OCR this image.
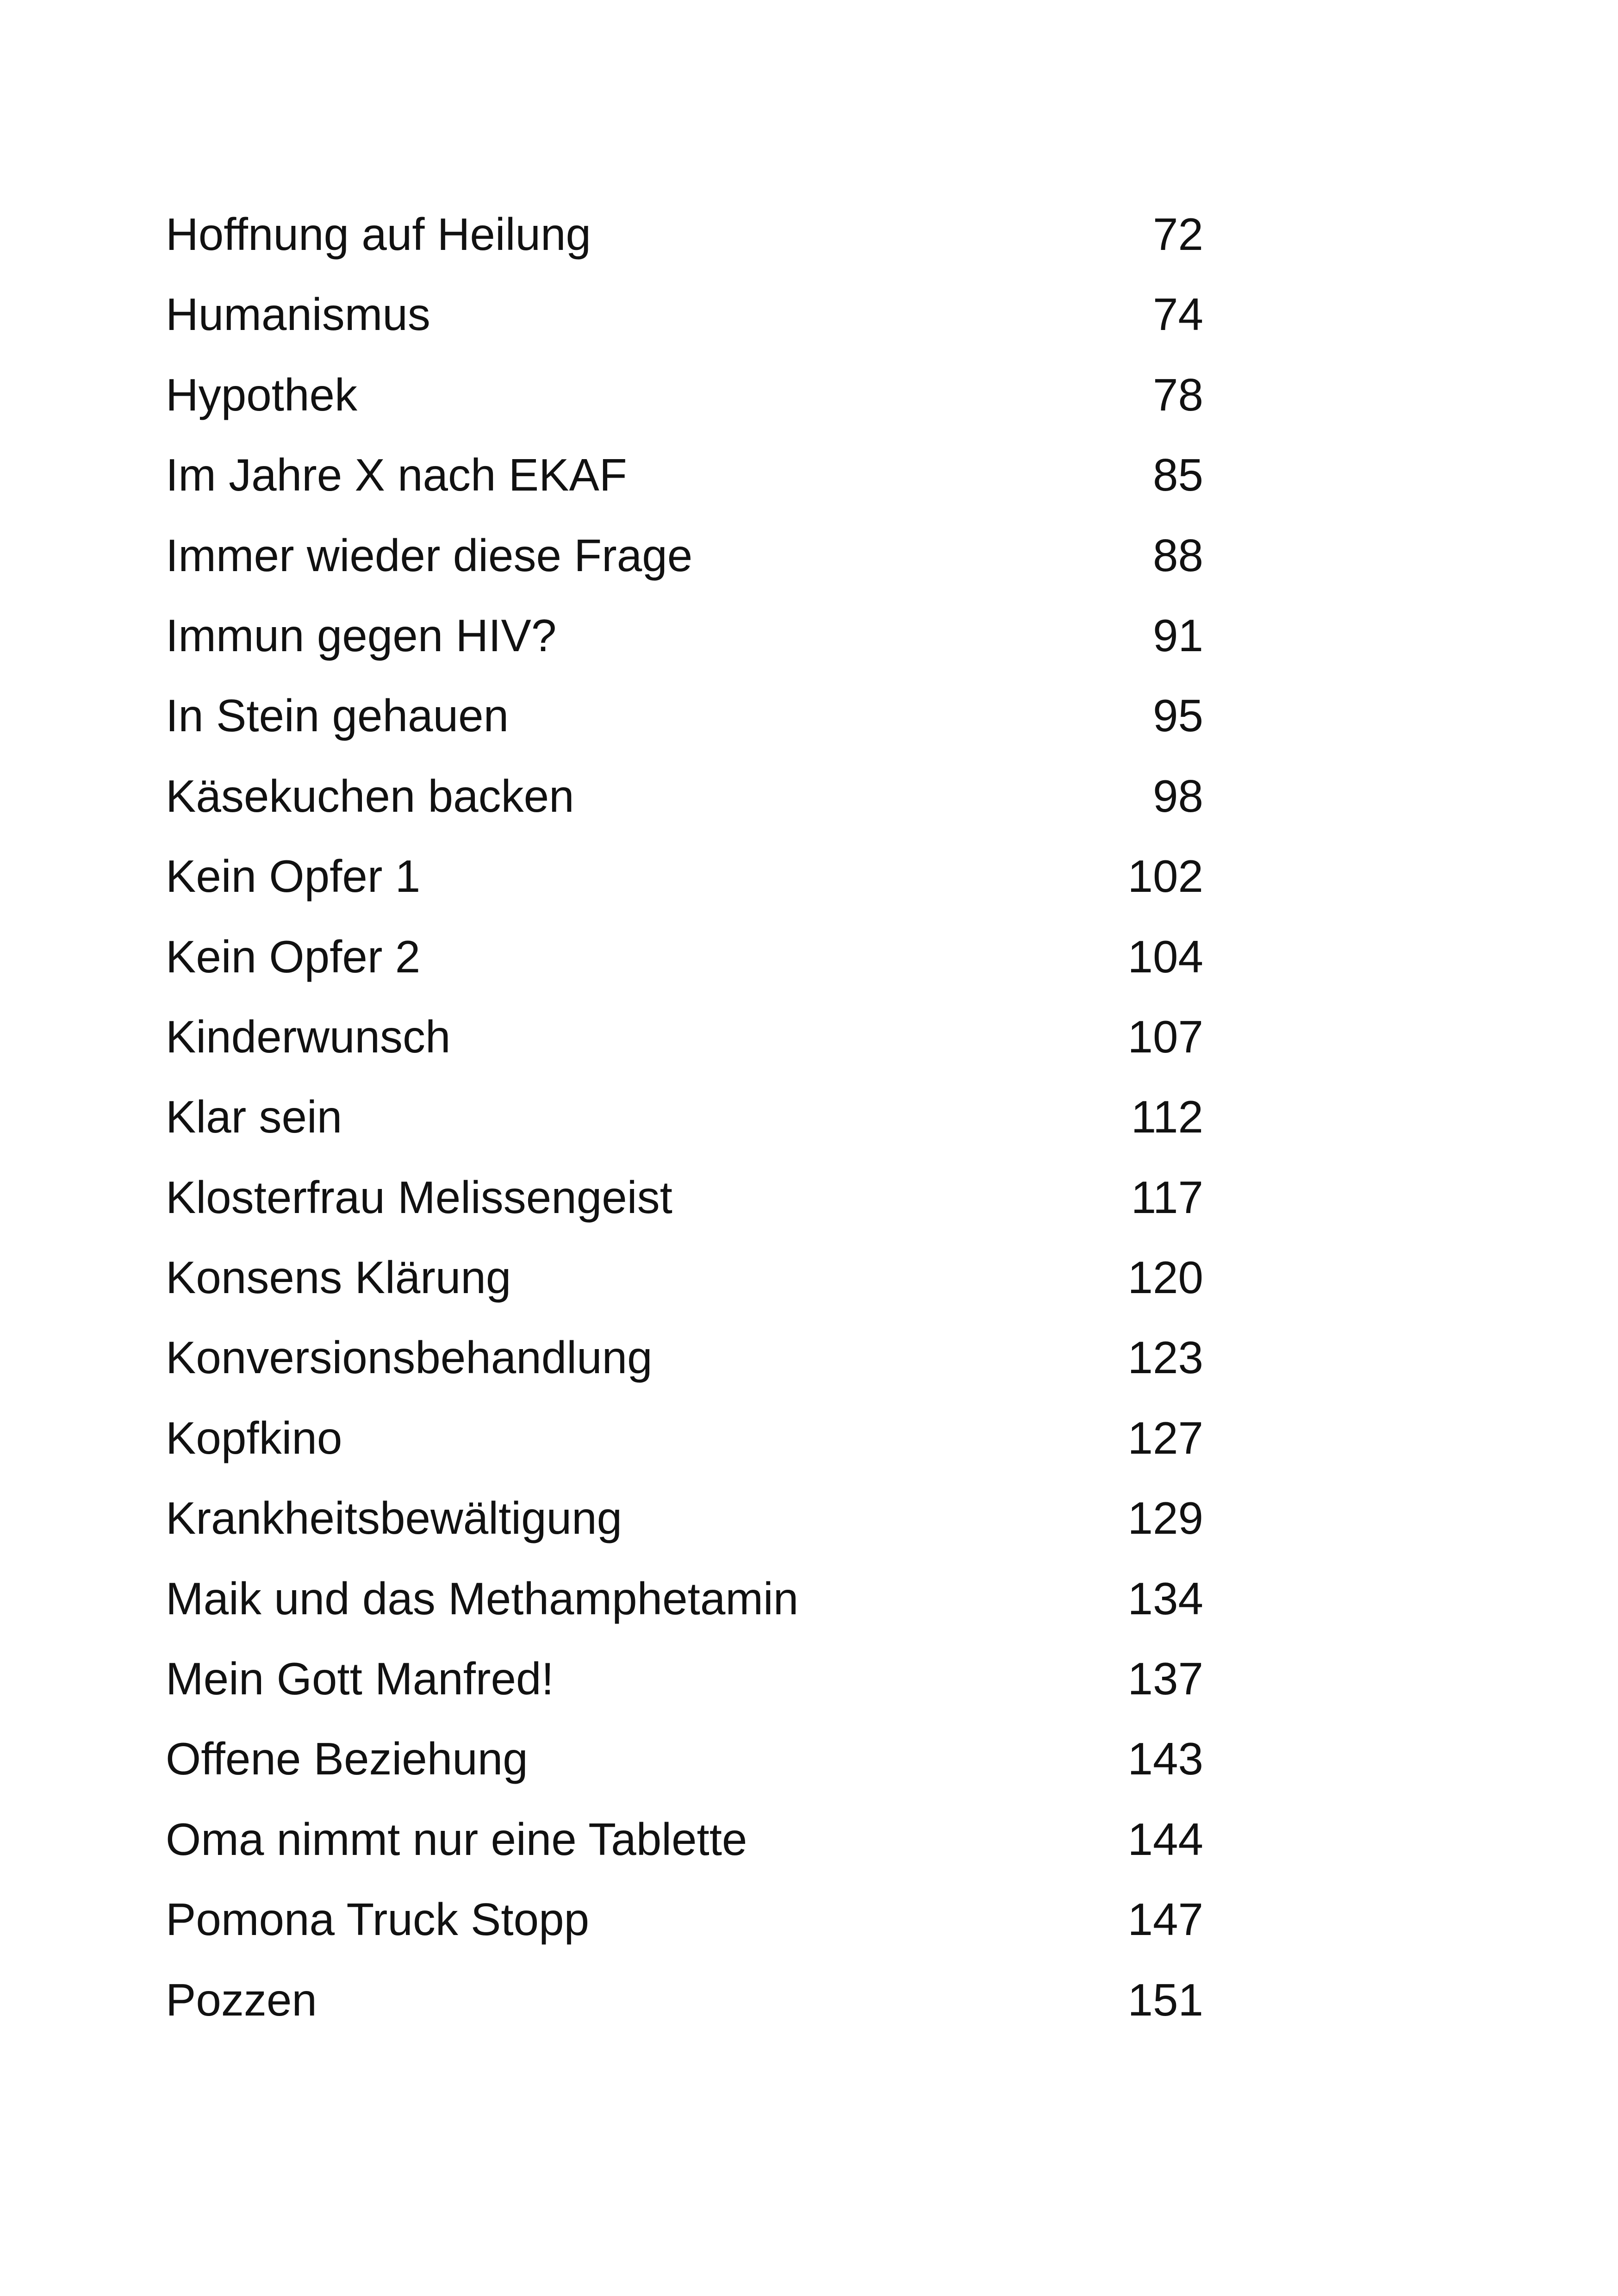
Hoffnung auf Heilung	72
Humanismus	74
Hypothek	78
Im Jahre X nach EKAF	85
Immer wieder diese Frage	88
Immun gegen HIV?	91
In Stein gehauen	95
Käsekuchen backen	98
Kein Opfer 1	102
Kein Opfer 2	104
Kinderwunsch	107
Klar sein	112
Klosterfrau Melissengeist	117
Konsens Klärung	120
Konversionsbehandlung	123
Kopfkino	127
Krankheitsbewältigung	129
Maik und das Methamphetamin	134
Mein Gott Manfred!	137
Offene Beziehung	143
Oma nimmt nur eine Tablette	144
Pomona Truck Stopp	147
Pozzen	151
